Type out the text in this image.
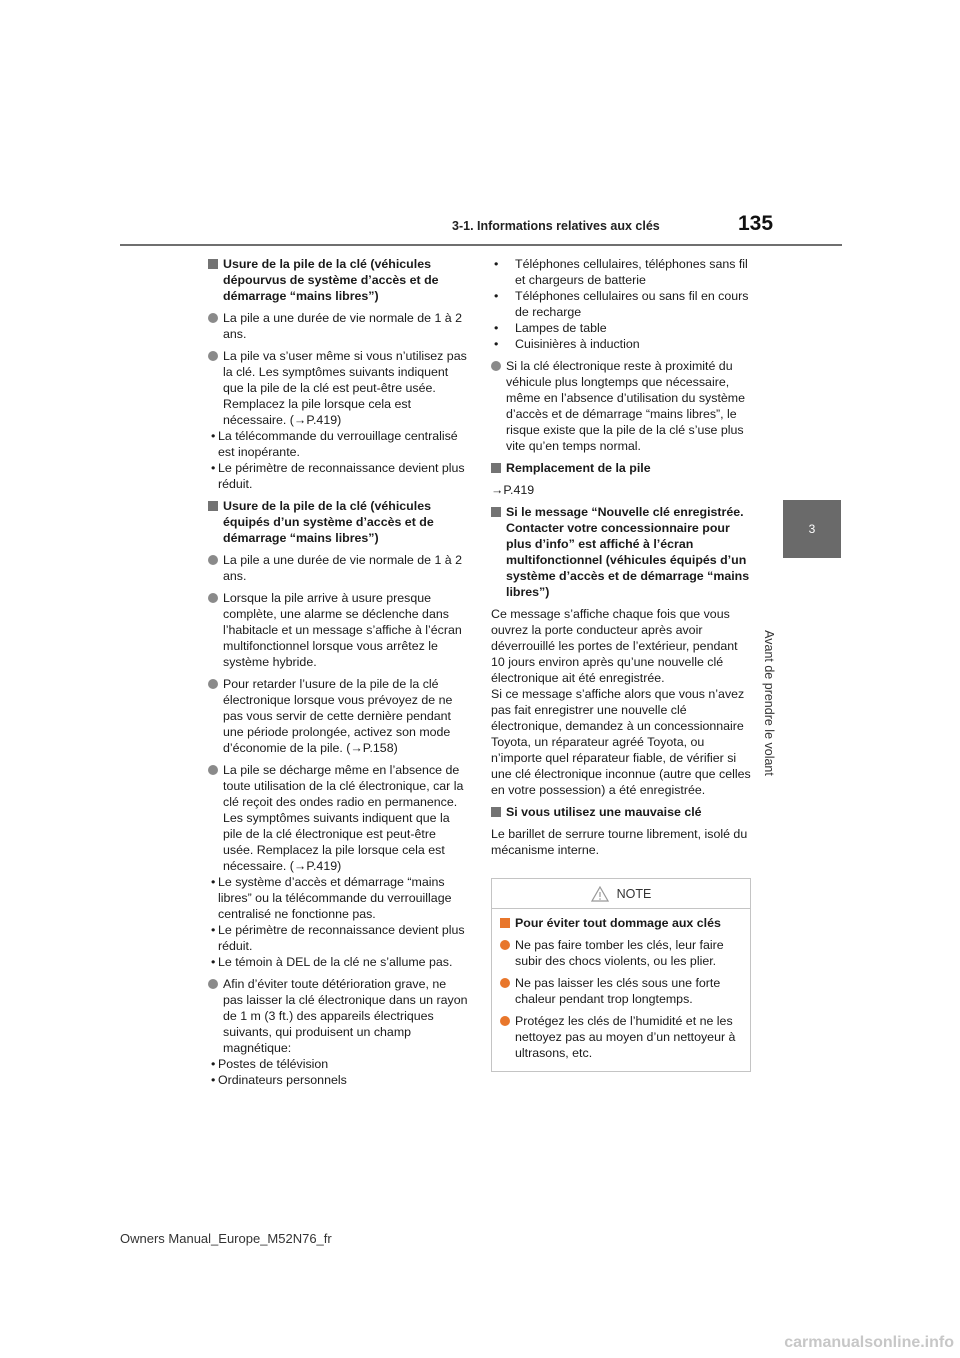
3-1. Informations relatives aux clés	135
3
Avant de prendre le volant
Usure de la pile de la clé (véhicules dépourvus de système d’accès et de démarrage “mains libres”)
La pile a une durée de vie normale de 1 à 2 ans.
La pile va s’user même si vous n’utilisez pas la clé. Les symptômes suivants indiquent que la pile de la clé est peut-être usée. Remplacez la pile lorsque cela est nécessaire. (→P.419)
• La télécommande du verrouillage centralisé est inopérante.
• Le périmètre de reconnaissance devient plus réduit.
Usure de la pile de la clé (véhicules équipés d’un système d’accès et de démarrage “mains libres”)
La pile a une durée de vie normale de 1 à 2 ans.
Lorsque la pile arrive à usure presque complète, une alarme se déclenche dans l’habitacle et un message s’affiche à l’écran multifonctionnel lorsque vous arrêtez le système hybride.
Pour retarder l’usure de la pile de la clé électronique lorsque vous prévoyez de ne pas vous servir de cette dernière pendant une période prolongée, activez son mode d’économie de la pile. (→P.158)
La pile se décharge même en l’absence de toute utilisation de la clé électronique, car la clé reçoit des ondes radio en permanence. Les symptômes suivants indiquent que la pile de la clé électronique est peut-être usée. Remplacez la pile lorsque cela est nécessaire. (→P.419)
• Le système d’accès et démarrage “mains libres” ou la télécommande du verrouillage centralisé ne fonctionne pas.
• Le périmètre de reconnaissance devient plus réduit.
• Le témoin à DEL de la clé ne s’allume pas.
Afin d’éviter toute détérioration grave, ne pas laisser la clé électronique dans un rayon de 1 m (3 ft.) des appareils électriques suivants, qui produisent un champ magnétique:
• Postes de télévision
• Ordinateurs personnels
• Téléphones cellulaires, téléphones sans fil et chargeurs de batterie
• Téléphones cellulaires ou sans fil en cours de recharge
• Lampes de table
• Cuisinières à induction
Si la clé électronique reste à proximité du véhicule plus longtemps que nécessaire, même en l’absence d’utilisation du système d’accès et de démarrage “mains libres”, le risque existe que la pile de la clé s’use plus vite qu’en temps normal.
Remplacement de la pile
→P.419
Si le message “Nouvelle clé enregistrée. Contacter votre concessionnaire pour plus d’info” est affiché à l’écran multifonctionnel (véhicules équipés d’un système d’accès et de démarrage “mains libres”)
Ce message s’affiche chaque fois que vous ouvrez la porte conducteur après avoir déverrouillé les portes de l’extérieur, pendant 10 jours environ après qu’une nouvelle clé électronique ait été enregistrée.
Si ce message s’affiche alors que vous n’avez pas fait enregistrer une nouvelle clé électronique, demandez à un concessionnaire Toyota, un réparateur agréé Toyota, ou n’importe quel réparateur fiable, de vérifier si une clé électronique inconnue (autre que celles en votre possession) a été enregistrée.
Si vous utilisez une mauvaise clé
Le barillet de serrure tourne librement, isolé du mécanisme interne.
NOTE
Pour éviter tout dommage aux clés
Ne pas faire tomber les clés, leur faire subir des chocs violents, ou les plier.
Ne pas laisser les clés sous une forte chaleur pendant trop longtemps.
Protégez les clés de l’humidité et ne les nettoyez pas au moyen d’un nettoyeur à ultrasons, etc.
Owners Manual_Europe_M52N76_fr
carmanualsonline.info
